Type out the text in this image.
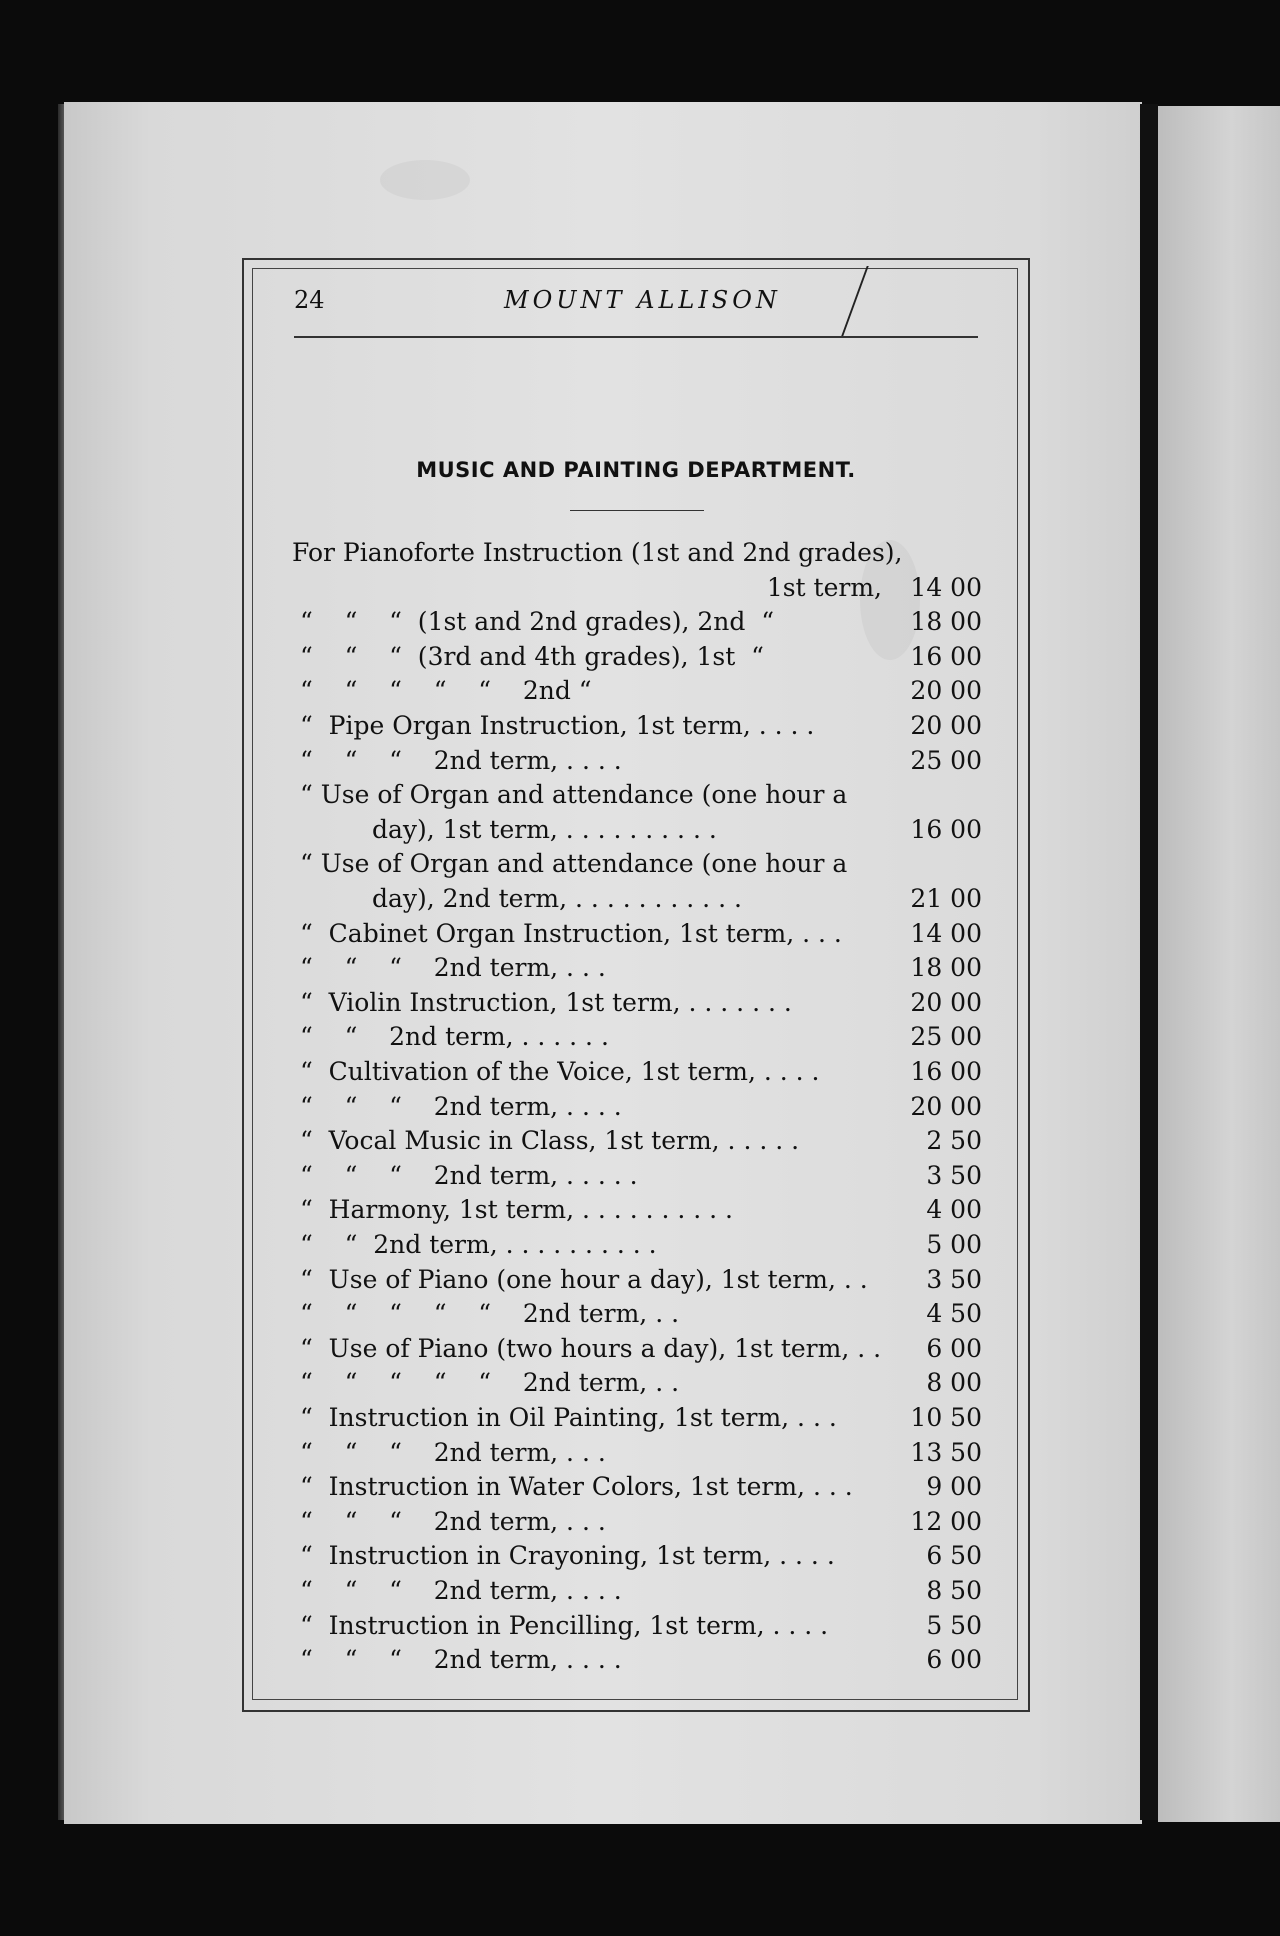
24	MOUNT ALLISON
MUSIC AND PAINTING DEPARTMENT.
For Pianoforte Instruction (1st and 2nd grades),
1st term,	14 00
“    “    “  (1st and 2nd grades), 2nd  “	18 00
“    “    “  (3rd and 4th grades), 1st  “	16 00
“    “    “    “    “    2nd “	20 00
“  Pipe Organ Instruction, 1st term, . . . .	20 00
“    “    “    2nd term, . . . .	25 00
“ Use of Organ and attendance (one hour a
day), 1st term, . . . . . . . . . .	16 00
“ Use of Organ and attendance (one hour a
day), 2nd term, . . . . . . . . . . .	21 00
“  Cabinet Organ Instruction, 1st term, . . .	14 00
“    “    “    2nd term, . . .	18 00
“  Violin Instruction, 1st term, . . . . . . .	20 00
“    “    2nd term, . . . . . .	25 00
“  Cultivation of the Voice, 1st term, . . . .	16 00
“    “    “    2nd term, . . . .	20 00
“  Vocal Music in Class, 1st term, . . . . .	2 50
“    “    “    2nd term, . . . . .	3 50
“  Harmony, 1st term, . . . . . . . . . .	4 00
“    “  2nd term, . . . . . . . . . .	5 00
“  Use of Piano (one hour a day), 1st term, . .	3 50
“    “    “    “    “    2nd term, . .	4 50
“  Use of Piano (two hours a day), 1st term, . .	6 00
“    “    “    “    “    2nd term, . .	8 00
“  Instruction in Oil Painting, 1st term, . . .	10 50
“    “    “    2nd term, . . .	13 50
“  Instruction in Water Colors, 1st term, . . .	9 00
“    “    “    2nd term, . . .	12 00
“  Instruction in Crayoning, 1st term, . . . .	6 50
“    “    “    2nd term, . . . .	8 50
“  Instruction in Pencilling, 1st term, . . . .	5 50
“    “    “    2nd term, . . . .	6 00
